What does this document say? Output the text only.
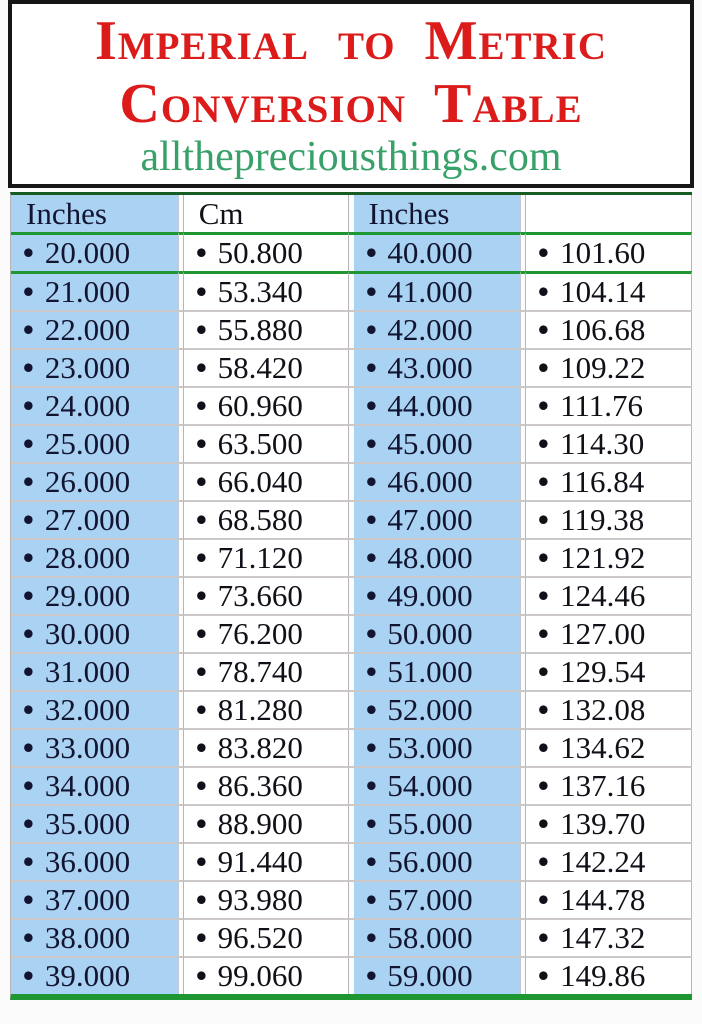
Imperial to Metric
Conversion Table
allthepreciousthings.com
Inches		Cm		Inches		
• 20.000		• 50.800		• 40.000		• 101.60
• 21.000		• 53.340		• 41.000		• 104.14
• 22.000		• 55.880		• 42.000		• 106.68
• 23.000		• 58.420		• 43.000		• 109.22
• 24.000		• 60.960		• 44.000		• 111.76
• 25.000		• 63.500		• 45.000		• 114.30
• 26.000		• 66.040		• 46.000		• 116.84
• 27.000		• 68.580		• 47.000		• 119.38
• 28.000		• 71.120		• 48.000		• 121.92
• 29.000		• 73.660		• 49.000		• 124.46
• 30.000		• 76.200		• 50.000		• 127.00
• 31.000		• 78.740		• 51.000		• 129.54
• 32.000		• 81.280		• 52.000		• 132.08
• 33.000		• 83.820		• 53.000		• 134.62
• 34.000		• 86.360		• 54.000		• 137.16
• 35.000		• 88.900		• 55.000		• 139.70
• 36.000		• 91.440		• 56.000		• 142.24
• 37.000		• 93.980		• 57.000		• 144.78
• 38.000		• 96.520		• 58.000		• 147.32
• 39.000		• 99.060		• 59.000		• 149.86
